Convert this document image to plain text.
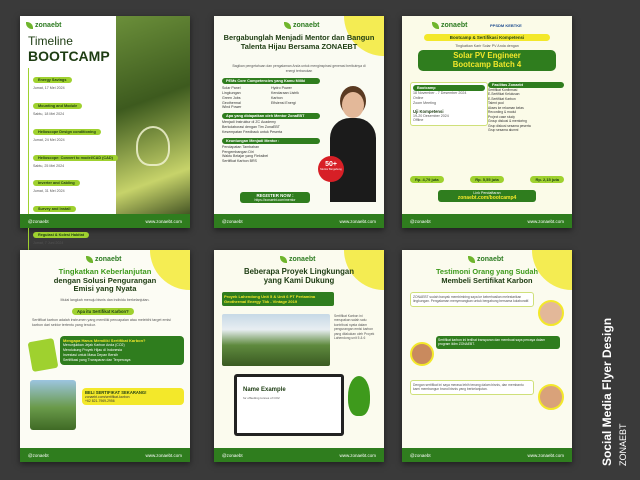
zonaebt
Timeline
BOOTCAMP
Energy Savings
Jumat, 17 Mei 2024
Mounting and Module
Sabtu, 18 Mei 2024
Helioscope Design conditioning
Jumat, 24 Mei 2024
Helioscope: Convert to model/CAD (CAD)
Sabtu, 25 Mei 2024
Inverter and Cabling
Jumat, 31 Mei 2024
Survey and Install
Regulasi & Kolesi Habitat
Jumat, 7 Juni 2024
@zonaebt	www.zonaebt.com
zonaebt
Bergabunglah Menjadi Mentor dan Bangun Talenta Hijau Bersama ZONAEBT
Bagikan pengetahuan dan pengalaman Anda untuk menginspirasi generasi berikutnya di energi terbarukan
PEMs Core Competencies yang Kamu Miliki
Solar Panel	Hydro Power
Lingkungan	Kendaraan Listrik
Green Jobs	Karbon
Geothermal	Efisiensi Energi
Wind Power
Apa yang didapatkan oleh Mentor ZonaEBT
Menjadi Instruktur di ZC Academy
Berkolaborasi dengan Tim ZonaEBT
Kesempatan Feedback untuk Peserta
Keuntungan Menjadi Mentor :
Pendapatan Tambahan
Pengembangan Diri
Waktu Belajar yang Fleksibel
Sertifikat Karbon BRS	50+
Mentor Bergabung
REGISTER NOW :
https://zonaebt.com/mentor
@zonaebt	www.zonaebt.com
zonaebt	PPSDM KEBTKE
Bootcamp & Sertifikasi Kompetensi
Tingkatkan Karir Solar PV Anda dengan
Solar PV Engineer
Bootcamp Batch 4
Bootcamp
18 November - 7 Desember 2024
Online
Zoom Meeting
Uji Kompetensi
19-20 Desember 2024
Offline
Fasilitas Zonaebt
Sertifikat Konfirmasi
E-Sertifikat Kelulusan
E-Sertifikat Karbon
Talent pool
Akses ke rekaman kelas
Recording & modul
Project case study
Group diskusi & mentoring
Grup diskusi sesama peserta
Grup sesama alumni
Rp. 4,79 juta	Rp. 5,55 juta	Rp. 2,15 juta
Link Pendaftaran
zonaebt.com/bootcamp4
@zonaebt	www.zonaebt.com
zonaebt
Tingkatkan Keberlanjutan
dengan Solusi Pengurangan
Emisi yang Nyata
Mulai langkah menuju bisnis dan individu berkelanjutan.
Apa itu Sertifikat Karbon?
Sertifikat karbon adalah instrumen yang memiliki pencapaian atau melebihi target emisi karbon dari sektor tertentu yang terukur.
Mengapa Harus Memiliki Sertifikat Karbon?
Menunjukkan Jejak Karbon Anda (CO2)
Mendukung Proyek Hijau di Indonesia
Investasi untuk Masa Depan Bersih
Sertifikasi yang Transparan dan Terpercaya
BELI SERTIFIKAT SEKARANG!
zonaebt.com/sertifikat-karbon
+62 821-7969-2956
@zonaebt	www.zonaebt.com
zonaebt
Beberapa Proyek Lingkungan
yang Kami Dukung
Proyek Lahendong Unit 5 & Unit 6 PT Pertamina Geothermal Energy Tbk - Vintage 2019
Sertifikat Karbon ini merupakan salah satu kontribusi nyata dalam pengurangan emisi karbon yang dilakukan oleh Proyek Lahendong unit 5 & 6
Name Example
for offsetting tonnes of CO2
@zonaebt	www.zonaebt.com
zonaebt
Testimoni Orang yang Sudah
Membeli Sertifikat Karbon
ZONAEBT sudah banyak membimbing saya ke keberhasilan melestarikan lingkungan. Pengalaman menyenangkan untuk bergabung bersama kolaboratif.
Sertifikat karbon ini terlihat transparan dan membuat saya percaya dalam program iklim ZONAEBT.
Dengan sertifikat ini saya merasa lebih tenang dalam bisnis, dan membantu kami membangun brand bisnis yang berkelanjutan.
@zonaebt	www.zonaebt.com	Social Media Flyer Design ZONAEBT
